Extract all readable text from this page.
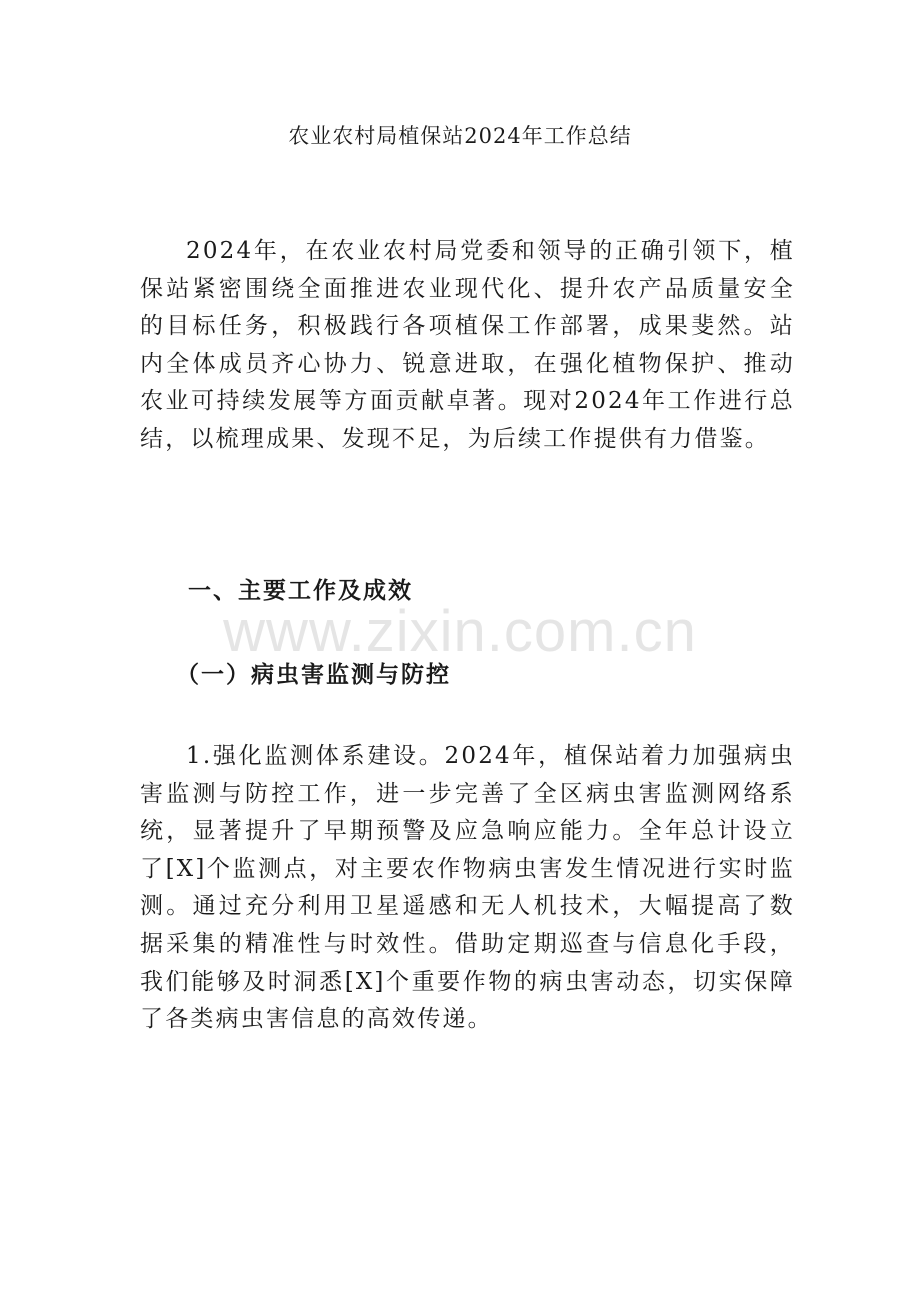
农业农村局植保站2024年工作总结

2024年，在农业农村局党委和领导的正确引领下，植保站紧密围绕全面推进农业现代化、提升农产品质量安全的目标任务，积极践行各项植保工作部署，成果斐然。站内全体成员齐心协力、锐意进取，在强化植物保护、推动农业可持续发展等方面贡献卓著。现对2024年工作进行总结，以梳理成果、发现不足，为后续工作提供有力借鉴。

一、主要工作及成效
www.zixin.com.cn
（一）病虫害监测与防控

1.强化监测体系建设。2024年，植保站着力加强病虫害监测与防控工作，进一步完善了全区病虫害监测网络系统，显著提升了早期预警及应急响应能力。全年总计设立了[X]个监测点，对主要农作物病虫害发生情况进行实时监测。通过充分利用卫星遥感和无人机技术，大幅提高了数据采集的精准性与时效性。借助定期巡查与信息化手段，我们能够及时洞悉[X]个重要作物的病虫害动态，切实保障了各类病虫害信息的高效传递。
